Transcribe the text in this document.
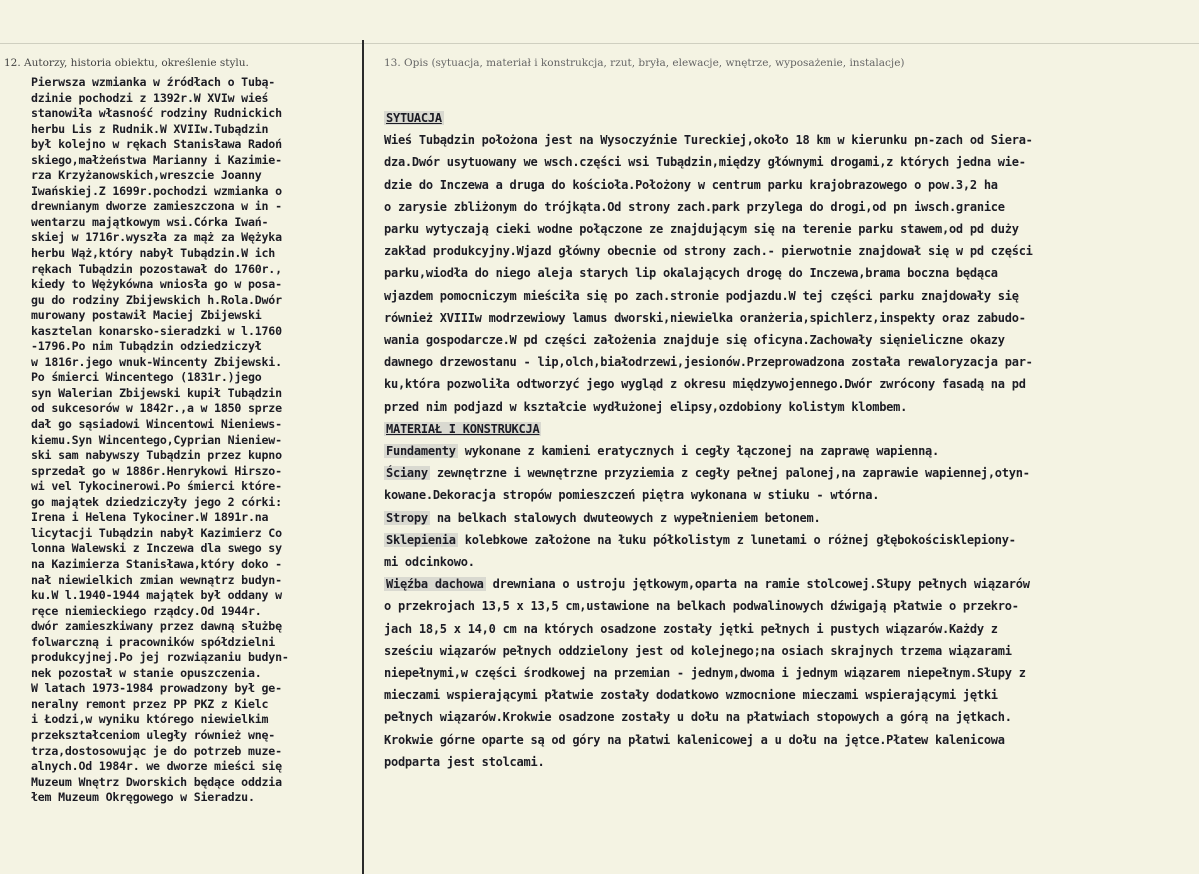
12. Autorzy, historia obiektu, określenie stylu.	13. Opis (sytuacja, materiał i konstrukcja, rzut, bryła, elewacje, wnętrze, wyposażenie, instalacje)
Pierwsza wzmianka w źródłach o Tubą-
dzinie pochodzi z 1392r.W XVIw wieś
stanowiła własność rodziny Rudnickich
herbu Lis z Rudnik.W XVIIw.Tubądzin
był kolejno w rękach Stanisława Radoń
skiego,małżeństwa Marianny i Kazimie-
rza Krzyżanowskich,wreszcie Joanny
Iwańskiej.Z 1699r.pochodzi wzmianka o
drewnianym dworze zamieszczona w in -
wentarzu majątkowym wsi.Córka Iwań-
skiej w 1716r.wyszła za mąż za Wężyka
herbu Wąż,który nabył Tubądzin.W ich
rękach Tubądzin pozostawał do 1760r.,
kiedy to Wężykówna wniosła go w posa-
gu do rodziny Zbijewskich h.Rola.Dwór
murowany postawił Maciej Zbijewski
kasztelan konarsko-sieradzki w l.1760
-1796.Po nim Tubądzin odziedziczył
w 1816r.jego wnuk-Wincenty Zbijewski.
Po śmierci Wincentego (1831r.)jego
syn Walerian Zbijewski kupił Tubądzin
od sukcesorów w 1842r.,a w 1850 sprze
dał go sąsiadowi Wincentowi Nieniews-
kiemu.Syn Wincentego,Cyprian Nieniew-
ski sam nabywszy Tubądzin przez kupno
sprzedał go w 1886r.Henrykowi Hirszo-
wi vel Tykocinerowi.Po śmierci które-
go majątek dziedziczyły jego 2 córki:
Irena i Helena Tykociner.W 1891r.na
licytacji Tubądzin nabył Kazimierz Co
lonna Walewski z Inczewa dla swego sy
na Kazimierza Stanisława,który doko -
nał niewielkich zmian wewnątrz budyn-
ku.W l.1940-1944 majątek był oddany w
ręce niemieckiego rządcy.Od 1944r.
dwór zamieszkiwany przez dawną służbę
folwarczną i pracowników spółdzielni
produkcyjnej.Po jej rozwiązaniu budyn-
nek pozostał w stanie opuszczenia.
W latach 1973-1984 prowadzony był ge-
neralny remont przez PP PKZ z Kielc
i Łodzi,w wyniku którego niewielkim
przekształceniom uległy również wnę-
trza,dostosowując je do potrzeb muze-
alnych.Od 1984r. we dworze mieści się
Muzeum Wnętrz Dworskich będące oddzia
łem Muzeum Okręgowego w Sieradzu.
SYTUACJA
Wieś Tubądzin położona jest na Wysoczyźnie Tureckiej,około 18 km w kierunku pn-zach od Siera-
dza.Dwór usytuowany we wsch.części wsi Tubądzin,między głównymi drogami,z których jedna wie-
dzie do Inczewa a druga do kościoła.Położony w centrum parku krajobrazowego o pow.3,2 ha
o zarysie zbliżonym do trójkąta.Od strony zach.park przylega do drogi,od pn iwsch.granice
parku wytyczają cieki wodne połączone ze znajdującym się na terenie parku stawem,od pd duży
zakład produkcyjny.Wjazd główny obecnie od strony zach.- pierwotnie znajdował się w pd części
parku,wiodła do niego aleja starych lip okalających drogę do Inczewa,brama boczna będąca
wjazdem pomocniczym mieściła się po zach.stronie podjazdu.W tej części parku znajdowały się
również XVIIIw modrzewiowy lamus dworski,niewielka oranżeria,spichlerz,inspekty oraz zabudo-
wania gospodarcze.W pd części założenia znajduje się oficyna.Zachowały sięnieliczne okazy
dawnego drzewostanu - lip,olch,białodrzewi,jesionów.Przeprowadzona została rewaloryzacja par-
ku,która pozwoliła odtworzyć jego wygląd z okresu międzywojennego.Dwór zwrócony fasadą na pd
przed nim podjazd w kształcie wydłużonej elipsy,ozdobiony kolistym klombem.
MATERIAŁ I KONSTRUKCJA
Fundamenty wykonane z kamieni eratycznych i cegły łączonej na zaprawę wapienną.
Ściany zewnętrzne i wewnętrzne przyziemia z cegły pełnej palonej,na zaprawie wapiennej,otyn-
kowane.Dekoracja stropów pomieszczeń piętra wykonana w stiuku - wtórna.
Stropy na belkach stalowych dwuteowych z wypełnieniem betonem.
Sklepienia kolebkowe założone na łuku półkolistym z lunetami o różnej głębokościsklepiony-
mi odcinkowo.
Więźba dachowa drewniana o ustroju jętkowym,oparta na ramie stolcowej.Słupy pełnych wiązarów
o przekrojach 13,5 x 13,5 cm,ustawione na belkach podwalinowych dźwigają płatwie o przekro-
jach 18,5 x 14,0 cm na których osadzone zostały jętki pełnych i pustych wiązarów.Każdy z
sześciu wiązarów pełnych oddzielony jest od kolejnego;na osiach skrajnych trzema wiązarami
niepełnymi,w części środkowej na przemian - jednym,dwoma i jednym wiązarem niepełnym.Słupy z
mieczami wspierającymi płatwie zostały dodatkowo wzmocnione mieczami wspierającymi jętki
pełnych wiązarów.Krokwie osadzone zostały u dołu na płatwiach stopowych a górą na jętkach.
Krokwie górne oparte są od góry na płatwi kalenicowej a u dołu na jętce.Płatew kalenicowa
podparta jest stolcami.
